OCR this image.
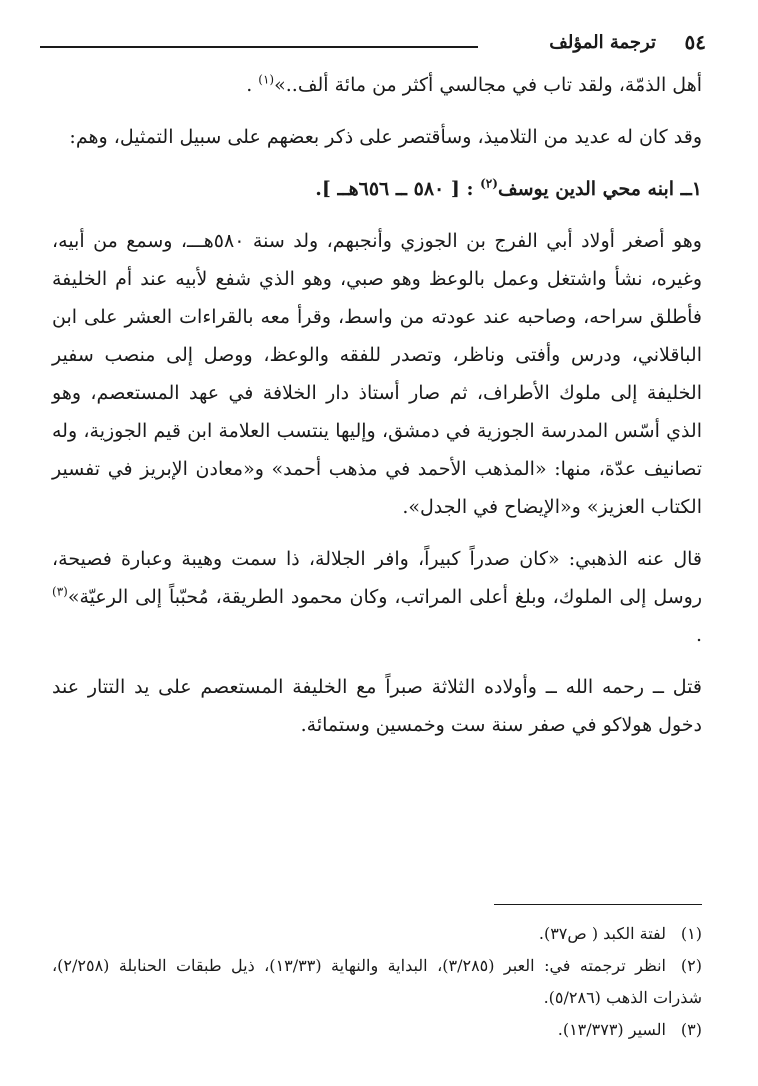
٥٤
ترجمة المؤلف

أهل الذمّة، ولقد تاب في مجالسي أكثر من مائة ألف..»$^{(١)}$ .

وقد كان له عديد من التلاميذ، وسأقتصر على ذكر بعضهم على سبيل التمثيل، وهم:

١ــ ابنه محي الدين يوسف$^{(٢)}$ : [ ٥٨٠ ــ ٦٥٦هــ ].

وهو أصغر أولاد أبي الفرج بن الجوزي وأنجبهم، ولد سنة ٥٨٠هـــ، وسمع من أبيه، وغيره، نشأ واشتغل وعمل بالوعظ وهو صبي، وهو الذي شفع لأبيه عند أم الخليفة فأطلق سراحه، وصاحبه عند عودته من واسط، وقرأ معه بالقراءات العشر على ابن الباقلاني، ودرس وأفتى وناظر، وتصدر للفقه والوعظ، ووصل إلى منصب سفير الخليفة إلى ملوك الأطراف، ثم صار أستاذ دار الخلافة في عهد المستعصم، وهو الذي أسّس المدرسة الجوزية في دمشق، وإليها ينتسب العلامة ابن قيم الجوزية، وله تصانيف عدّة، منها: «المذهب الأحمد في مذهب أحمد» و«معادن الإبريز في تفسير الكتاب العزيز» و«الإيضاح في الجدل».

قال عنه الذهبي: «كان صدراً كبيراً، وافر الجلالة، ذا سمت وهيبة وعبارة فصيحة، روسل إلى الملوك، وبلغ أعلى المراتب، وكان محمود الطريقة، مُحبّباً إلى الرعيّة»$^{(٣)}$ .

قتل ــ رحمه الله ــ وأولاده الثلاثة صبراً مع الخليفة المستعصم على يد التتار عند دخول هولاكو في صفر سنة ست وخمسين وستمائة.

(١)لفتة الكبد ( ص٣٧).

(٢)انظر ترجمته في: العبر (٣/٢٨٥)، البداية والنهاية (١٣/٣٣)، ذيل طبقات الحنابلة (٢/٢٥٨)، شذرات الذهب (٥/٢٨٦).

(٣)السير (١٣/٣٧٣).
